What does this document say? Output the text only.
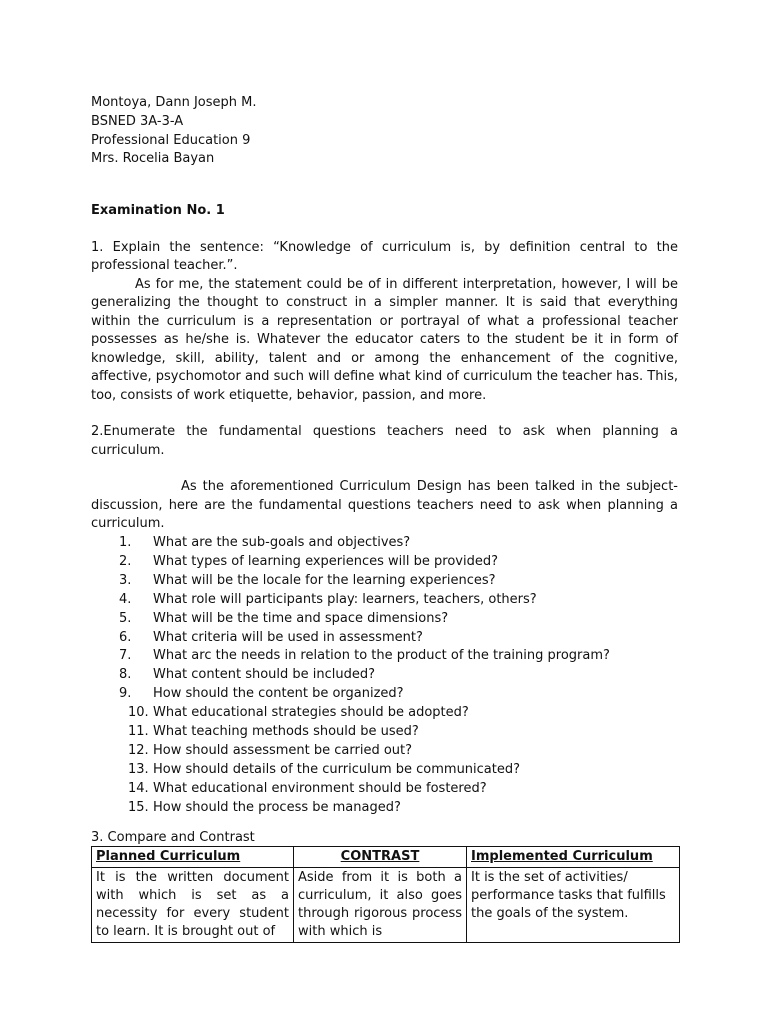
Montoya, Dann Joseph M.
BSNED 3A-3-A
Professional Education 9
Mrs. Rocelia Bayan
Examination No. 1
1. Explain the sentence: “Knowledge of curriculum is, by definition central to the professional teacher.”.
As for me, the statement could be of in different interpretation, however, I will be generalizing the thought to construct in a simpler manner. It is said that everything within the curriculum is a representation or portrayal of what a professional teacher possesses as he/she is. Whatever the educator caters to the student be it in form of knowledge, skill, ability, talent and or among the enhancement of the cognitive, affective, psychomotor and such will define what kind of curriculum the teacher has. This, too, consists of work etiquette, behavior, passion, and more.
2.Enumerate the fundamental questions teachers need to ask when planning a curriculum.
As the aforementioned Curriculum Design has been talked in the subject-discussion, here are the fundamental questions teachers need to ask when planning a curriculum.
1.	What are the sub-goals and objectives?
2.	What types of learning experiences will be provided?
3.	What will be the locale for the learning experiences?
4.	What role will participants play: learners, teachers, others?
5.	What will be the time and space dimensions?
6.	What criteria will be used in assessment?
7.	What arc the needs in relation to the product of the training program?
8.	What content should be included?
9.	How should the content be organized?
10. What educational strategies should be adopted?
11. What teaching methods should be used?
12. How should assessment be carried out?
13. How should details of the curriculum be communicated?
14. What educational environment should be fostered?
15. How should the process be managed?
3. Compare and Contrast
Planned Curriculum	CONTRAST	Implemented Curriculum
It is the written document with which is set as a necessity for every student to learn. It is brought out of	Aside from it is both a curriculum, it also goes through rigorous process with which is	It is the set of activities/ performance tasks that fulfills the goals of the system.
